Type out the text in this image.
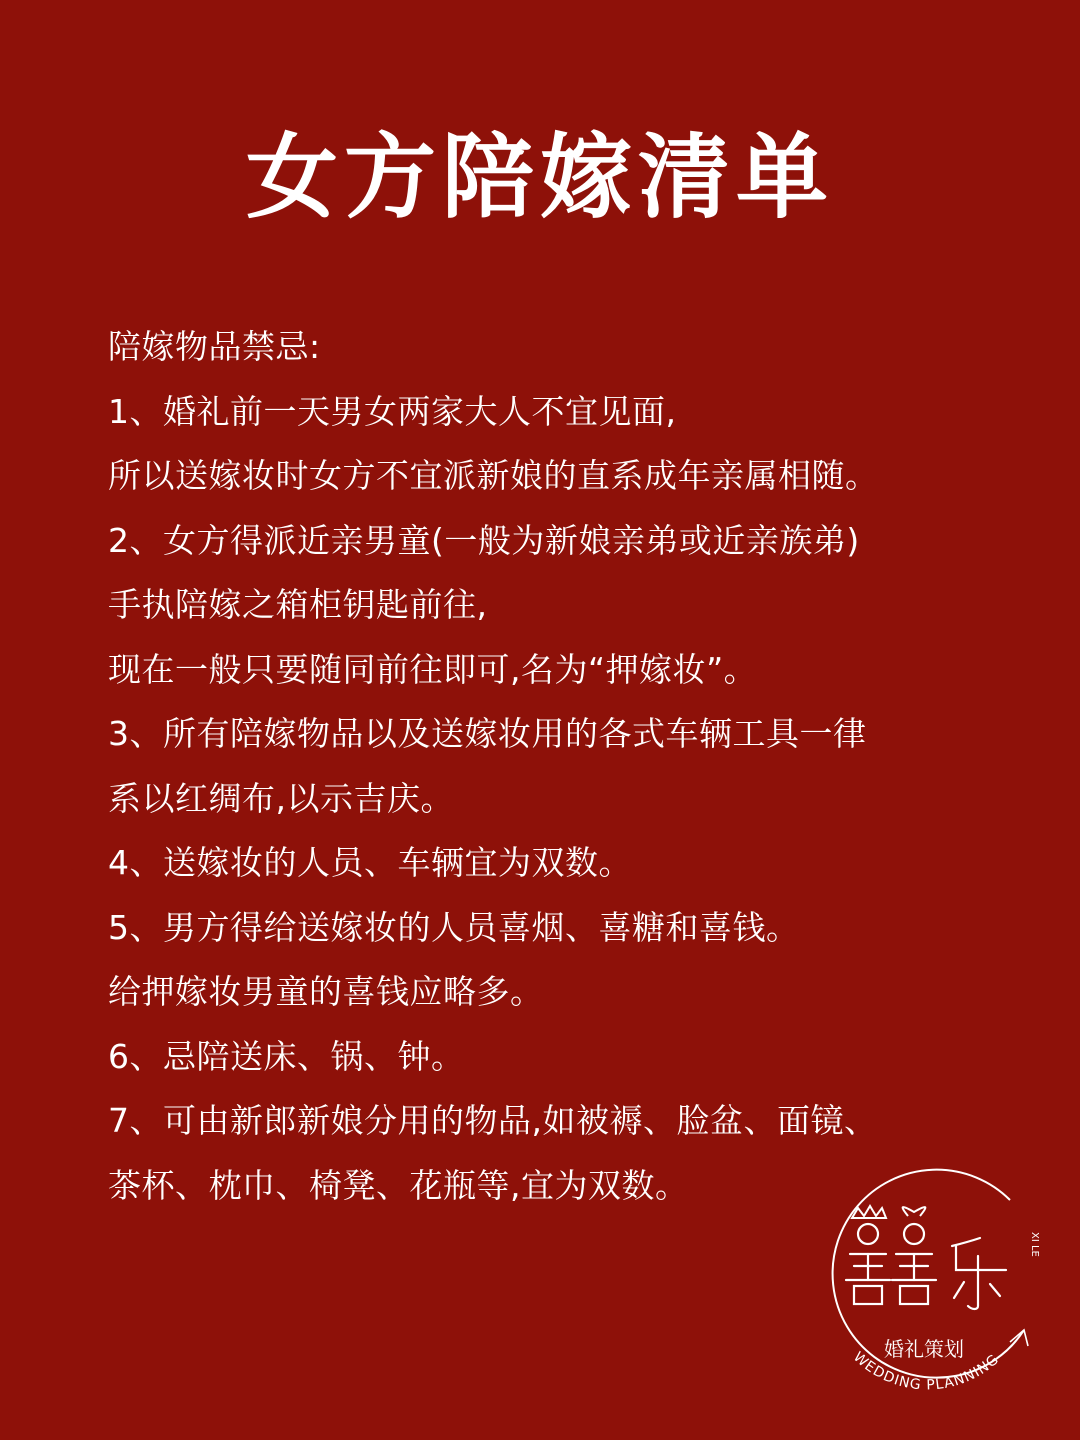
女方陪嫁清单
陪嫁物品禁忌:
1、婚礼前一天男女两家大人不宜见面,
所以送嫁妆时女方不宜派新娘的直系成年亲属相随。
2、女方得派近亲男童(一般为新娘亲弟或近亲族弟)
手执陪嫁之箱柜钥匙前往,
现在一般只要随同前往即可,名为“押嫁妆”。
3、所有陪嫁物品以及送嫁妆用的各式车辆工具一律
系以红绸布,以示吉庆。
4、送嫁妆的人员、车辆宜为双数。
5、男方得给送嫁妆的人员喜烟、喜糖和喜钱。
给押嫁妆男童的喜钱应略多。
6、忌陪送床、锅、钟。
7、可由新郎新娘分用的物品,如被褥、脸盆、面镜、
茶杯、枕巾、椅凳、花瓶等,宜为双数。
XI LE
婚礼策划
WEDDING PLANNING
